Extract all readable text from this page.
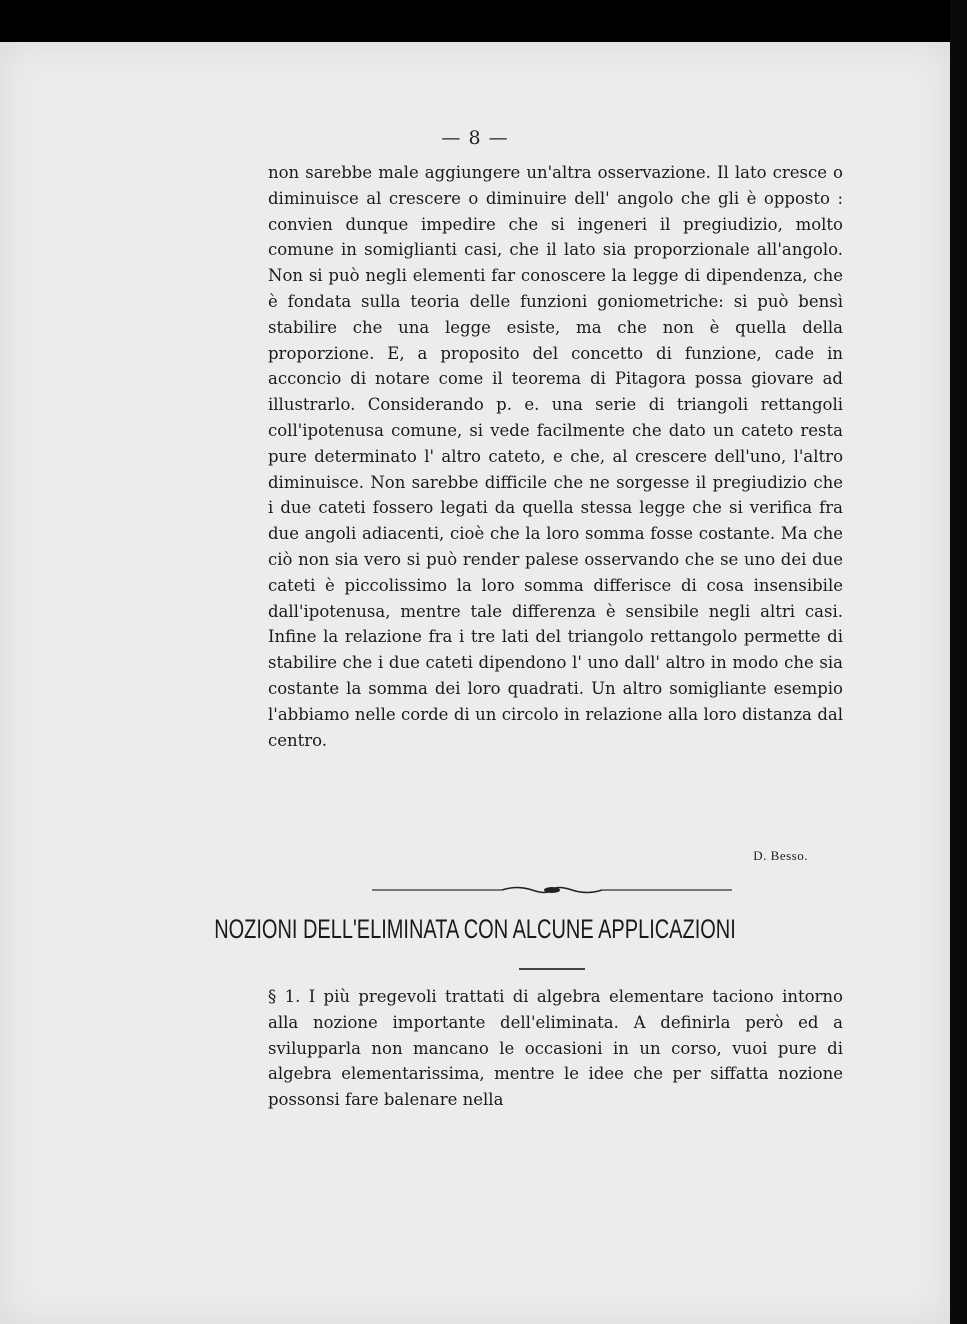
— 8 —

non sarebbe male aggiungere un'altra osservazione. Il lato cresce o diminuisce al crescere o diminuire dell' angolo che gli è opposto : convien dunque impedire che si ingeneri il pregiudizio, molto comune in somiglianti casi, che il lato sia proporzionale all'angolo. Non si può negli elementi far conoscere la legge di dipendenza, che è fondata sulla teoria delle funzioni goniometriche: si può bensì stabilire che una legge esiste, ma che non è quella della proporzione. E, a proposito del concetto di funzione, cade in acconcio di notare come il teorema di Pitagora possa giovare ad illustrarlo. Considerando p. e. una serie di triangoli rettangoli coll'ipotenusa comune, si vede facilmente che dato un cateto resta pure determinato l' altro cateto, e che, al crescere dell'uno, l'altro diminuisce. Non sarebbe difficile che ne sorgesse il pregiudizio che i due cateti fossero legati da quella stessa legge che si verifica fra due angoli adiacenti, cioè che la loro somma fosse costante. Ma che ciò non sia vero si può render palese osservando che se uno dei due cateti è piccolissimo la loro somma differisce di cosa insensibile dall'ipotenusa, mentre tale differenza è sensibile negli altri casi. Infine la relazione fra i tre lati del triangolo rettangolo permette di stabilire che i due cateti dipendono l' uno dall' altro in modo che sia costante la somma dei loro quadrati. Un altro somigliante esempio l'abbiamo nelle corde di un circolo in relazione alla loro distanza dal centro.

D. Besso.
NOZIONI DELL'ELIMINATA CON ALCUNE APPLICAZIONI

§ 1. I più pregevoli trattati di algebra elementare taciono intorno alla nozione importante dell'eliminata. A definirla però ed a svilupparla non mancano le occasioni in un corso, vuoi pure di algebra elementarissima, mentre le idee che per siffatta nozione possonsi fare balenare nella
